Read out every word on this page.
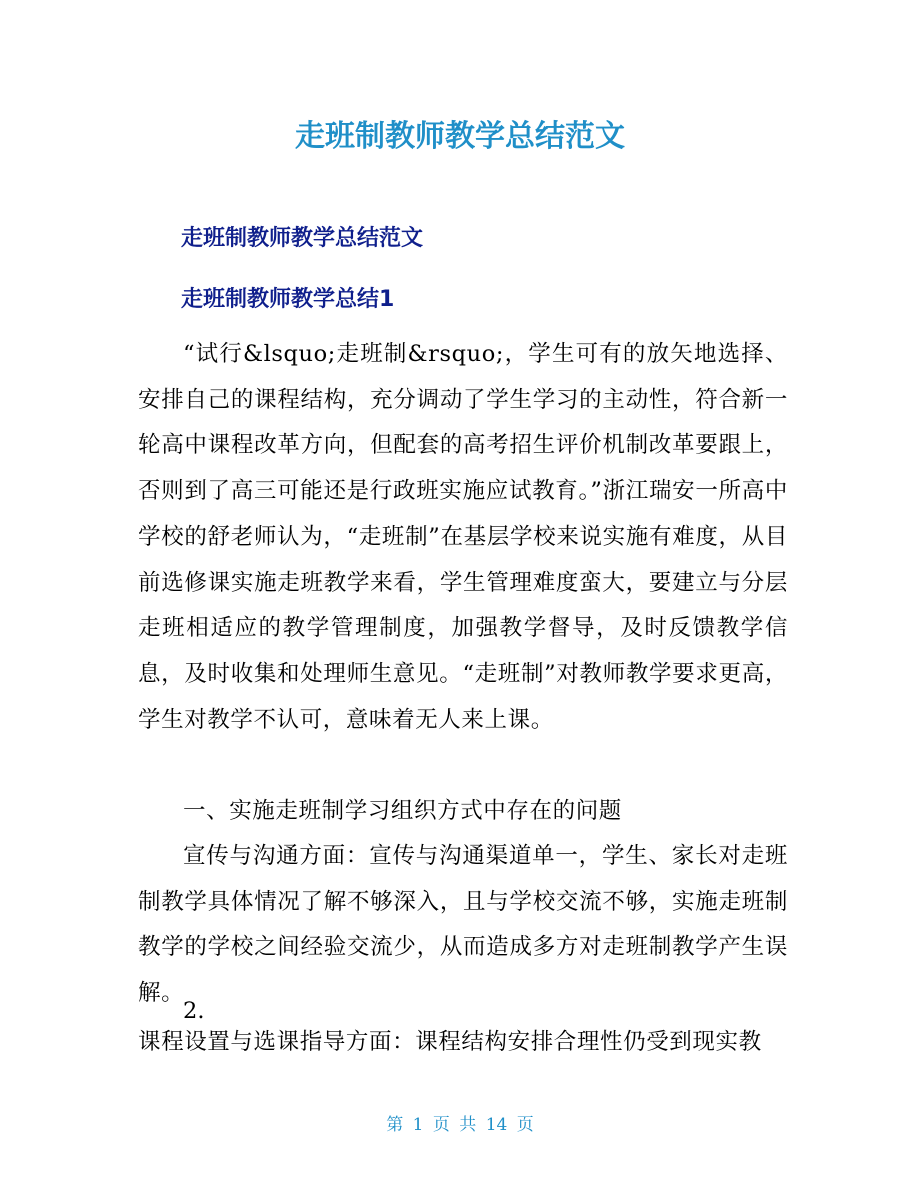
走班制教师教学总结范文
走班制教师教学总结范文
走班制教师教学总结1
“试行&lsquo;走班制&rsquo;，学生可有的放矢地选择、安排自己的课程结构，充分调动了学生学习的主动性，符合新一轮高中课程改革方向，但配套的高考招生评价机制改革要跟上，否则到了高三可能还是行政班实施应试教育。”浙江瑞安一所高中学校的舒老师认为，“走班制”在基层学校来说实施有难度，从目前选修课实施走班教学来看，学生管理难度蛮大，要建立与分层走班相适应的教学管理制度，加强教学督导，及时反馈教学信息，及时收集和处理师生意见。“走班制”对教师教学要求更高，学生对教学不认可，意味着无人来上课。
一、实施走班制学习组织方式中存在的问题
宣传与沟通方面：宣传与沟通渠道单一，学生、家长对走班制教学具体情况了解不够深入，且与学校交流不够，实施走班制教学的学校之间经验交流少，从而造成多方对走班制教学产生误解。
2.
课程设置与选课指导方面：课程结构安排合理性仍受到现实教
第 1 页 共 14 页
